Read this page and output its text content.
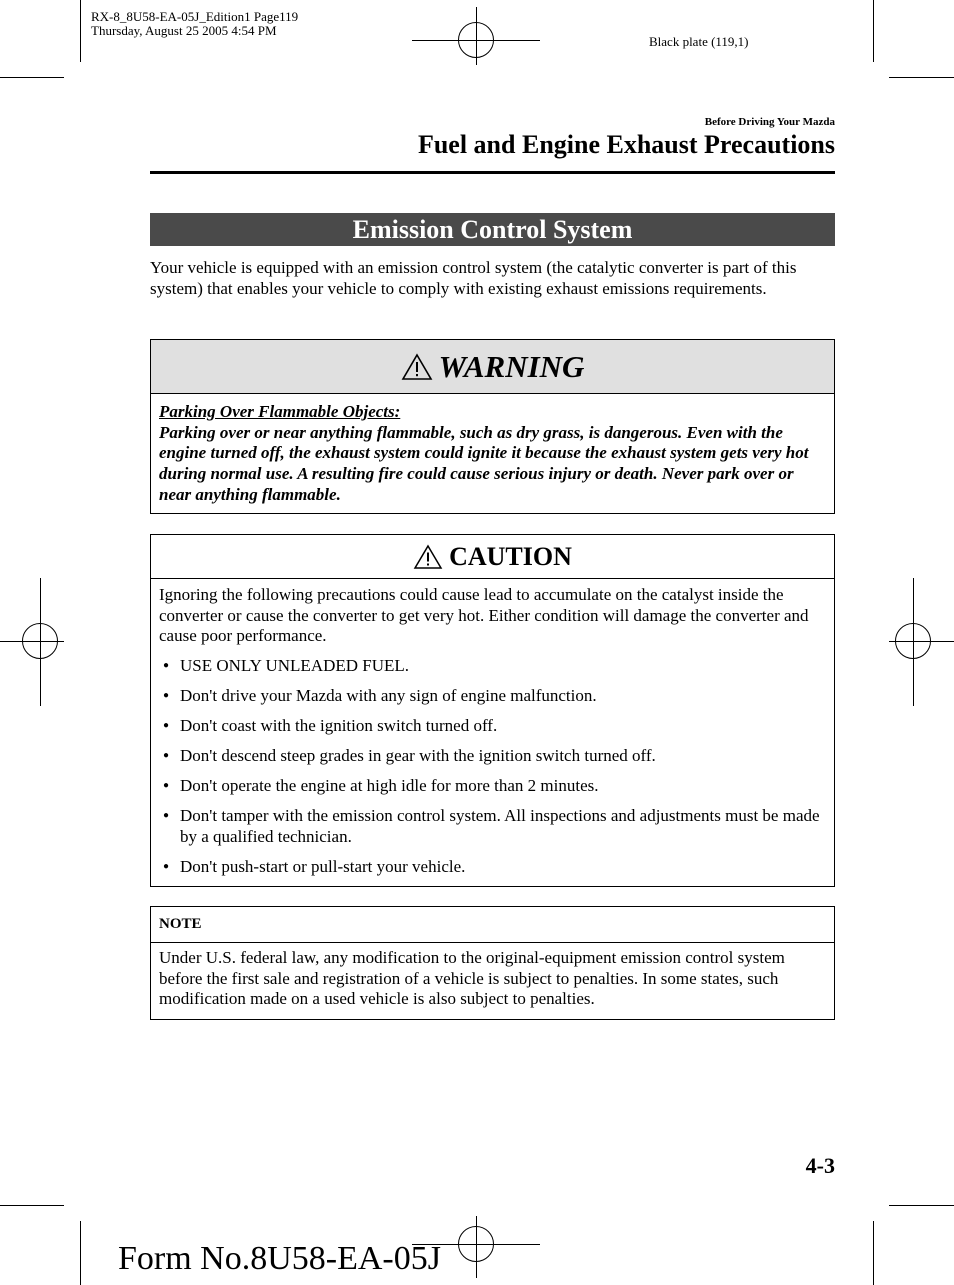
RX-8_8U58-EA-05J_Edition1 Page119
Thursday, August 25 2005 4:54 PM
Black plate (119,1)
Before Driving Your Mazda
Fuel and Engine Exhaust Precautions
Emission Control System
Your vehicle is equipped with an emission control system (the catalytic converter is part of this system) that enables your vehicle to comply with existing exhaust emissions requirements.
WARNING
Parking Over Flammable Objects:
Parking over or near anything flammable, such as dry grass, is dangerous. Even with the engine turned off, the exhaust system could ignite it because the exhaust system gets very hot during normal use. A resulting fire could cause serious injury or death. Never park over or near anything flammable.
CAUTION
Ignoring the following precautions could cause lead to accumulate on the catalyst inside the converter or cause the converter to get very hot. Either condition will damage the converter and cause poor performance.
● USE ONLY UNLEADED FUEL.
● Don't drive your Mazda with any sign of engine malfunction.
● Don't coast with the ignition switch turned off.
● Don't descend steep grades in gear with the ignition switch turned off.
● Don't operate the engine at high idle for more than 2 minutes.
● Don't tamper with the emission control system. All inspections and adjustments must be made by a qualified technician.
● Don't push-start or pull-start your vehicle.
NOTE
Under U.S. federal law, any modification to the original-equipment emission control system before the first sale and registration of a vehicle is subject to penalties. In some states, such modification made on a used vehicle is also subject to penalties.
4-3
Form No.8U58-EA-05J
